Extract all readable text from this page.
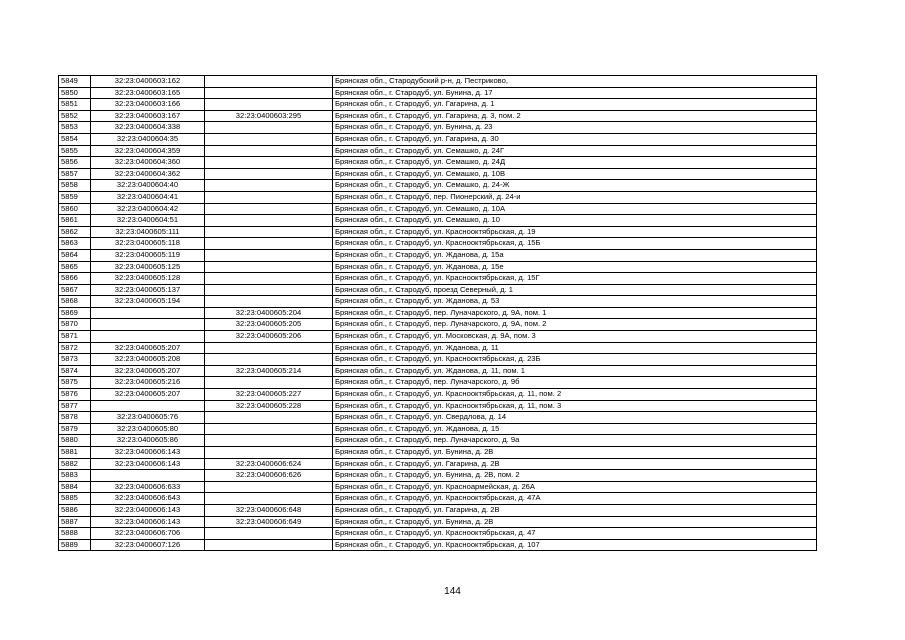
5849	32:23:0400603:162		Брянская обл., Стародубский р-н, д. Пестриково,
5850	32:23:0400603:165		Брянская обл., г. Стародуб, ул. Бунина, д. 17
5851	32:23:0400603:166		Брянская обл., г. Стародуб, ул. Гагарина, д. 1
5852	32:23:0400603:167	32:23:0400603:295	Брянская обл., г. Стародуб, ул. Гагарина, д. 3, пом. 2
5853	32:23:0400604:338		Брянская обл., г. Стародуб, ул. Бунина, д. 23
5854	32:23:0400604:35		Брянская обл., г. Стародуб, ул. Гагарина, д. 30
5855	32:23:0400604:359		Брянская обл., г. Стародуб, ул. Семашко, д. 24Г
5856	32:23:0400604:360		Брянская обл., г. Стародуб, ул. Семашко, д. 24Д
5857	32:23:0400604:362		Брянская обл., г. Стародуб, ул. Семашко, д. 10В
5858	32:23:0400604:40		Брянская обл., г. Стародуб, ул. Семашко, д. 24-Ж
5859	32:23:0400604:41		Брянская обл., г. Стародуб, пер. Пионерский, д. 24-и
5860	32:23:0400604:42		Брянская обл., г. Стародуб, ул. Семашко, д. 10А
5861	32:23:0400604:51		Брянская обл., г. Стародуб, ул. Семашко, д. 10
5862	32:23:0400605:111		Брянская обл., г. Стародуб, ул. Краснооктябрьская, д. 19
5863	32:23:0400605:118		Брянская обл., г. Стародуб, ул. Краснооктябрьская, д. 15Б
5864	32:23:0400605:119		Брянская обл., г. Стародуб, ул. Жданова, д. 15а
5865	32:23:0400605:125		Брянская обл., г. Стародуб, ул. Жданова, д. 15е
5866	32:23:0400605:128		Брянская обл., г. Стародуб, ул. Краснооктябрьская, д. 15Г
5867	32:23:0400605:137		Брянская обл., г. Стародуб, проезд Северный, д. 1
5868	32:23:0400605:194		Брянская обл., г. Стародуб, ул. Жданова, д. 53
5869		32:23:0400605:204	Брянская обл., г. Стародуб, пер. Луначарского, д. 9А, пом. 1
5870		32:23:0400605:205	Брянская обл., г. Стародуб, пер. Луначарского, д. 9А, пом. 2
5871		32:23:0400605:206	Брянская обл., г. Стародуб, ул. Московская, д. 9А, пом. 3
5872	32:23:0400605:207		Брянская обл., г. Стародуб, ул. Жданова, д. 11
5873	32:23:0400605:208		Брянская обл., г. Стародуб, ул. Краснооктябрьская, д. 23Б
5874	32:23:0400605:207	32:23:0400605:214	Брянская обл., г. Стародуб, ул. Жданова, д. 11, пом. 1
5875	32:23:0400605:216		Брянская обл., г. Стародуб, пер. Луначарского, д. 9б
5876	32:23:0400605:207	32:23:0400605:227	Брянская обл., г. Стародуб, ул. Краснооктябрьская, д. 11, пом. 2
5877		32:23:0400605:228	Брянская обл., г. Стародуб, ул. Краснооктябрьская, д. 11, пом. 3
5878	32:23:0400605:76		Брянская обл., г. Стародуб, ул. Свердлова, д. 14
5879	32:23:0400605:80		Брянская обл., г. Стародуб, ул. Жданова, д. 15
5880	32:23:0400605:86		Брянская обл., г. Стародуб, пер. Луначарского, д. 9а
5881	32:23:0400606:143		Брянская обл., г. Стародуб, ул. Бунина, д. 2В
5882	32:23:0400606:143	32:23:0400606:624	Брянская обл., г. Стародуб, ул. Гагарина, д. 2В
5883		32:23:0400606:626	Брянская обл., г. Стародуб, ул. Бунина, д. 2В, пом. 2
5884	32:23:0400606:633		Брянская обл., г. Стародуб, ул. Красноармейская, д. 26А
5885	32:23:0400606:643		Брянская обл., г. Стародуб, ул. Краснооктябрьская, д. 47А
5886	32:23:0400606:143	32:23:0400606:648	Брянская обл., г. Стародуб, ул. Гагарина, д. 2В
5887	32:23:0400606:143	32:23:0400606:649	Брянская обл., г. Стародуб, ул. Бунина, д. 2В
5888	32:23:0400606:706		Брянская обл., г. Стародуб, ул. Краснооктябрьская, д. 47
5889	32:23:0400607:126		Брянская обл., г. Стародуб, ул. Краснооктябрьская, д. 107
144
